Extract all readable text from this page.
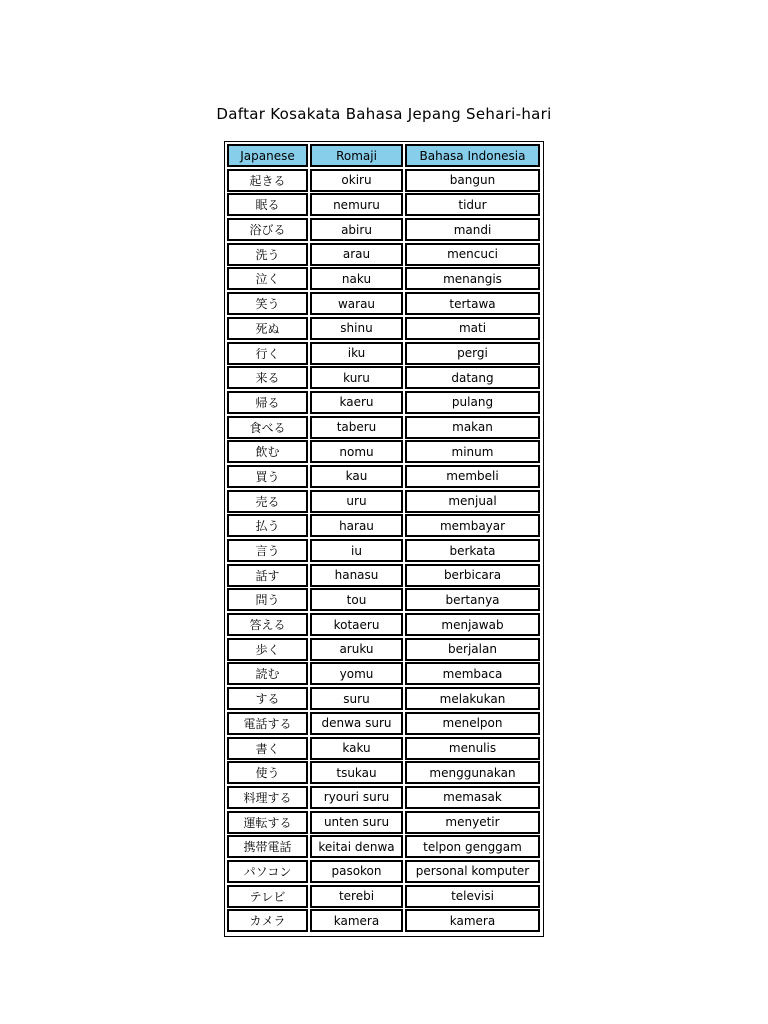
Daftar Kosakata Bahasa Jepang Sehari-hari
Japanese	Romaji	Bahasa Indonesia
起きる	okiru	bangun
眠る	nemuru	tidur
浴びる	abiru	mandi
洗う	arau	mencuci
泣く	naku	menangis
笑う	warau	tertawa
死ぬ	shinu	mati
行く	iku	pergi
来る	kuru	datang
帰る	kaeru	pulang
食べる	taberu	makan
飲む	nomu	minum
買う	kau	membeli
売る	uru	menjual
払う	harau	membayar
言う	iu	berkata
話す	hanasu	berbicara
問う	tou	bertanya
答える	kotaeru	menjawab
歩く	aruku	berjalan
読む	yomu	membaca
する	suru	melakukan
電話する	denwa suru	menelpon
書く	kaku	menulis
使う	tsukau	menggunakan
料理する	ryouri suru	memasak
運転する	unten suru	menyetir
携帯電話	keitai denwa	telpon genggam
パソコン	pasokon	personal komputer
テレビ	terebi	televisi
カメラ	kamera	kamera
